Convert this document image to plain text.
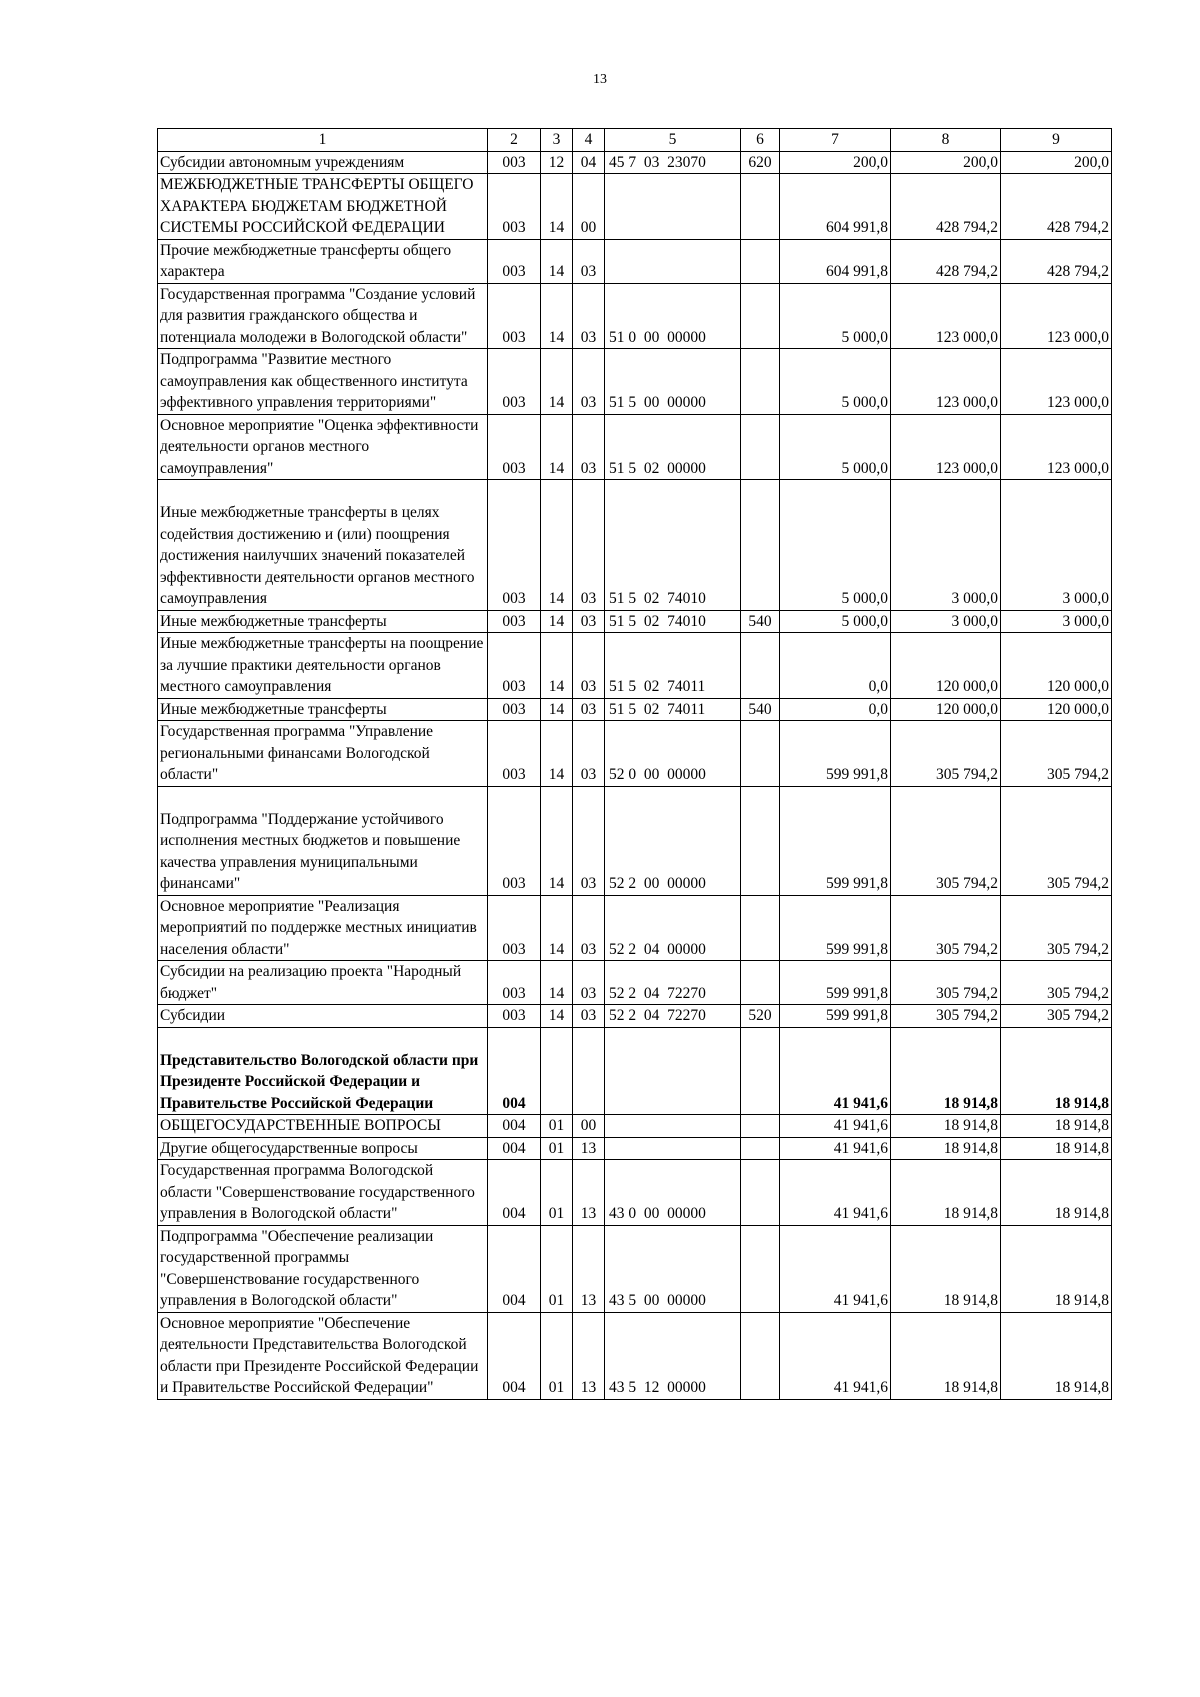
13
1	2	3	4	5	6	7	8	9
Субсидии автономным учреждениям	003	12	04	45 7  03  23070	620	200,0	200,0	200,0
МЕЖБЮДЖЕТНЫЕ ТРАНСФЕРТЫ ОБЩЕГО ХАРАКТЕРА БЮДЖЕТАМ БЮДЖЕТНОЙ СИСТЕМЫ РОССИЙСКОЙ ФЕДЕРАЦИИ	003	14	00			604 991,8	428 794,2	428 794,2
Прочие межбюджетные трансферты общего характера	003	14	03			604 991,8	428 794,2	428 794,2
Государственная программа "Создание условий для развития гражданского общества и потенциала молодежи в Вологодской области"	003	14	03	51 0  00  00000		5 000,0	123 000,0	123 000,0
Подпрограмма "Развитие местного самоуправления как общественного института эффективного управления территориями"	003	14	03	51 5  00  00000		5 000,0	123 000,0	123 000,0
Основное мероприятие "Оценка эффективности деятельности органов местного самоуправления"	003	14	03	51 5  02  00000		5 000,0	123 000,0	123 000,0
Иные межбюджетные трансферты в целях содействия достижению и (или) поощрения достижения наилучших значений показателей эффективности деятельности органов местного самоуправления	003	14	03	51 5  02  74010		5 000,0	3 000,0	3 000,0
Иные межбюджетные трансферты	003	14	03	51 5  02  74010	540	5 000,0	3 000,0	3 000,0
Иные межбюджетные трансферты на поощрение за лучшие практики деятельности органов местного самоуправления	003	14	03	51 5  02  74011		0,0	120 000,0	120 000,0
Иные межбюджетные трансферты	003	14	03	51 5  02  74011	540	0,0	120 000,0	120 000,0
Государственная программа "Управление региональными финансами Вологодской области"	003	14	03	52 0  00  00000		599 991,8	305 794,2	305 794,2
Подпрограмма "Поддержание устойчивого исполнения местных бюджетов и повышение качества управления муниципальными финансами"	003	14	03	52 2  00  00000		599 991,8	305 794,2	305 794,2
Основное мероприятие "Реализация мероприятий по поддержке местных инициатив населения области"	003	14	03	52 2  04  00000		599 991,8	305 794,2	305 794,2
Субсидии на реализацию проекта "Народный бюджет"	003	14	03	52 2  04  72270		599 991,8	305 794,2	305 794,2
Субсидии	003	14	03	52 2  04  72270	520	599 991,8	305 794,2	305 794,2
Представительство Вологодской области при Президенте Российской Федерации и Правительстве Российской Федерации	004					41 941,6	18 914,8	18 914,8
ОБЩЕГОСУДАРСТВЕННЫЕ ВОПРОСЫ	004	01	00			41 941,6	18 914,8	18 914,8
Другие общегосударственные вопросы	004	01	13			41 941,6	18 914,8	18 914,8
Государственная программа Вологодской области "Совершенствование государственного управления в Вологодской области"	004	01	13	43 0  00  00000		41 941,6	18 914,8	18 914,8
Подпрограмма "Обеспечение реализации государственной программы "Совершенствование государственного управления в Вологодской области"	004	01	13	43 5  00  00000		41 941,6	18 914,8	18 914,8
Основное мероприятие "Обеспечение деятельности Представительства Вологодской области при Президенте Российской Федерации и Правительстве Российской Федерации"	004	01	13	43 5  12  00000		41 941,6	18 914,8	18 914,8
